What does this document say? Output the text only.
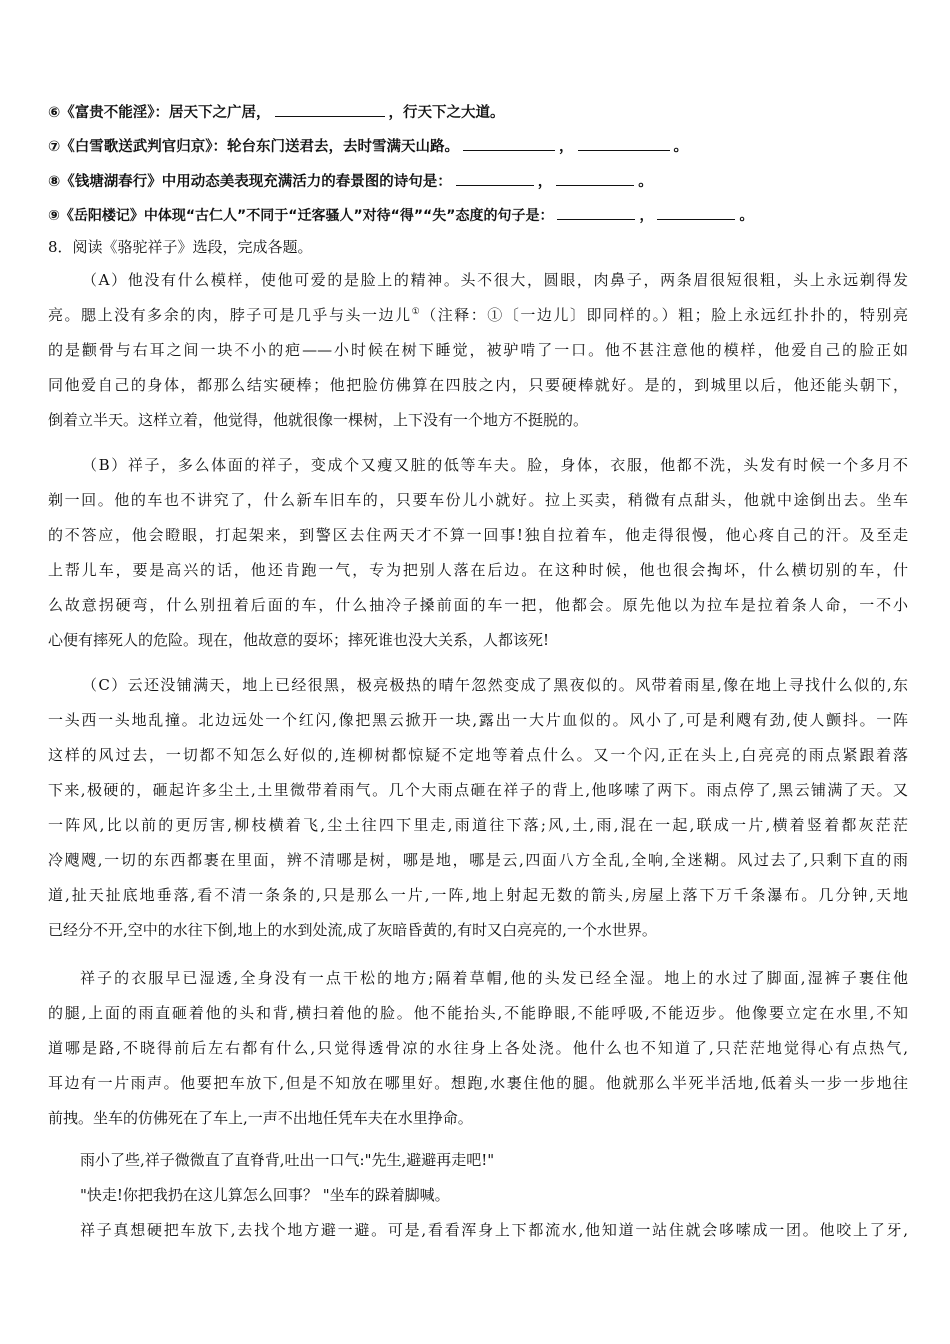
⑥《富贵不能淫》：居天下之广居，	，行天下之大道。
⑦《白雪歌送武判官归京》：轮台东门送君去，去时雪满天山路。	，	。
⑧《钱塘湖春行》中用动态美表现充满活力的春景图的诗句是：	，	。
⑨《岳阳楼记》中体现“古仁人”不同于“迁客骚人”对待“得”“失”态度的句子是：	，	。
8．阅读《骆驼祥子》选段，完成各题。
（A）他没有什么模样，使他可爱的是脸上的精神。头不很大，圆眼，肉鼻子，两条眉很短很粗，头上永远剃得发
亮。腮上没有多余的肉，脖子可是几乎与头一边儿①（注释：①〔一边儿〕即同样的。）粗；脸上永远红扑扑的，特别亮
的是颧骨与右耳之间一块不小的疤——小时候在树下睡觉，被驴啃了一口。他不甚注意他的模样，他爱自己的脸正如
同他爱自己的身体，都那么结实硬棒；他把脸仿佛算在四肢之内，只要硬棒就好。是的，到城里以后，他还能头朝下，
倒着立半天。这样立着，他觉得，他就很像一棵树，上下没有一个地方不挺脱的。
（B）祥子，多么体面的祥子，变成个又瘦又脏的低等车夫。脸，身体，衣服，他都不洗，头发有时候一个多月不
剃一回。他的车也不讲究了，什么新车旧车的，只要车份儿小就好。拉上买卖，稍微有点甜头，他就中途倒出去。坐车
的不答应，他会瞪眼，打起架来，到警区去住两天才不算一回事!独自拉着车，他走得很慢，他心疼自己的汗。及至走
上帮儿车，要是高兴的话，他还肯跑一气，专为把别人落在后边。在这种时候，他也很会掏坏，什么横切别的车，什
么故意拐硬弯，什么别扭着后面的车，什么抽冷子搡前面的车一把，他都会。原先他以为拉车是拉着条人命，一不小
心便有摔死人的危险。现在，他故意的耍坏；摔死谁也没大关系，人都该死!
（C）云还没铺满天，地上已经很黑，极亮极热的晴午忽然变成了黑夜似的。风带着雨星,像在地上寻找什么似的,东
一头西一头地乱撞。北边远处一个红闪,像把黑云掀开一块,露出一大片血似的。风小了,可是利飕有劲,使人颤抖。一阵
这样的风过去，一切都不知怎么好似的,连柳树都惊疑不定地等着点什么。又一个闪,正在头上,白亮亮的雨点紧跟着落
下来,极硬的，砸起许多尘土,土里微带着雨气。几个大雨点砸在祥子的背上,他哆嗦了两下。雨点停了,黑云铺满了天。又
一阵风,比以前的更厉害,柳枝横着飞,尘土往四下里走,雨道往下落;风,土,雨,混在一起,联成一片,横着竖着都灰茫茫
冷飕飕,一切的东西都裹在里面，辨不清哪是树，哪是地，哪是云,四面八方全乱,全响,全迷糊。风过去了,只剩下直的雨
道,扯天扯底地垂落,看不清一条条的,只是那么一片,一阵,地上射起无数的箭头,房屋上落下万千条瀑布。几分钟,天地
已经分不开,空中的水往下倒,地上的水到处流,成了灰暗昏黄的,有时又白亮亮的,一个水世界。
祥子的衣服早已湿透,全身没有一点干松的地方;隔着草帽,他的头发已经全湿。地上的水过了脚面,湿裤子裹住他
的腿,上面的雨直砸着他的头和背,横扫着他的脸。他不能抬头,不能睁眼,不能呼吸,不能迈步。他像要立定在水里,不知
道哪是路,不晓得前后左右都有什么,只觉得透骨凉的水往身上各处浇。他什么也不知道了,只茫茫地觉得心有点热气,
耳边有一片雨声。他要把车放下,但是不知放在哪里好。想跑,水裹住他的腿。他就那么半死半活地,低着头一步一步地往
前拽。坐车的仿佛死在了车上,一声不出地任凭车夫在水里挣命。
雨小了些,祥子微微直了直脊背,吐出一口气:"先生,避避再走吧!"
"快走!你把我扔在这儿算怎么回事？ "坐车的跺着脚喊。
祥子真想硬把车放下,去找个地方避一避。可是,看看浑身上下都流水,他知道一站住就会哆嗦成一团。他咬上了牙,
